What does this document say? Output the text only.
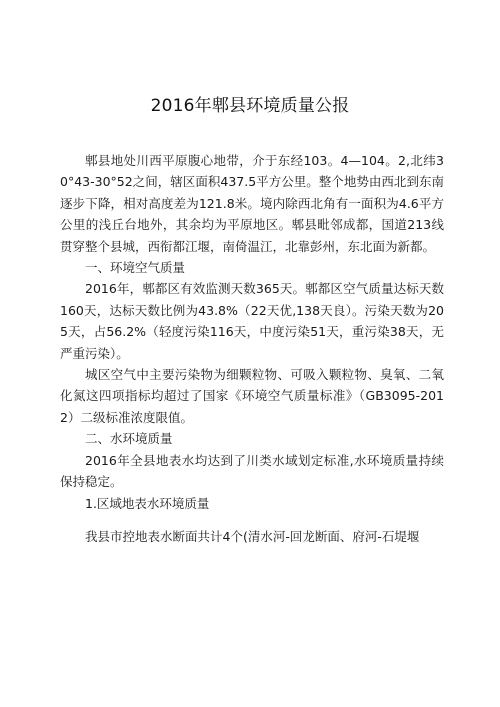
2016年郫县环境质量公报

郫县地处川西平原腹心地带，介于东经103。4—104。2,北纬30°43-30°52之间，辖区面积437.5平方公里。整个地势由西北到东南逐步下降，相对高度差为121.8米。境内除西北角有一面积为4.6平方公里的浅丘台地外，其余均为平原地区。郫县毗邻成都，国道213线贯穿整个县城，西衔都江堰，南倚温江，北靠彭州，东北面为新都。

一、环境空气质量

2016年，郫都区有效监测天数365天。郫都区空气质量达标天数160天，达标天数比例为43.8%（22天优,138天良）。污染天数为205天，占56.2%（轻度污染116天，中度污染51天，重污染38天，无严重污染）。

城区空气中主要污染物为细颗粒物、可吸入颗粒物、臭氧、二氧化氮这四项指标均超过了国家《环境空气质量标准》（GB3095-2012）二级标准浓度限值。

二、水环境质量

2016年全县地表水均达到了川类水域划定标准,水环境质量持续保持稳定。

1.区域地表水环境质量

我县市控地表水断面共计4个(清水河-回龙断面、府河-石堤堰
